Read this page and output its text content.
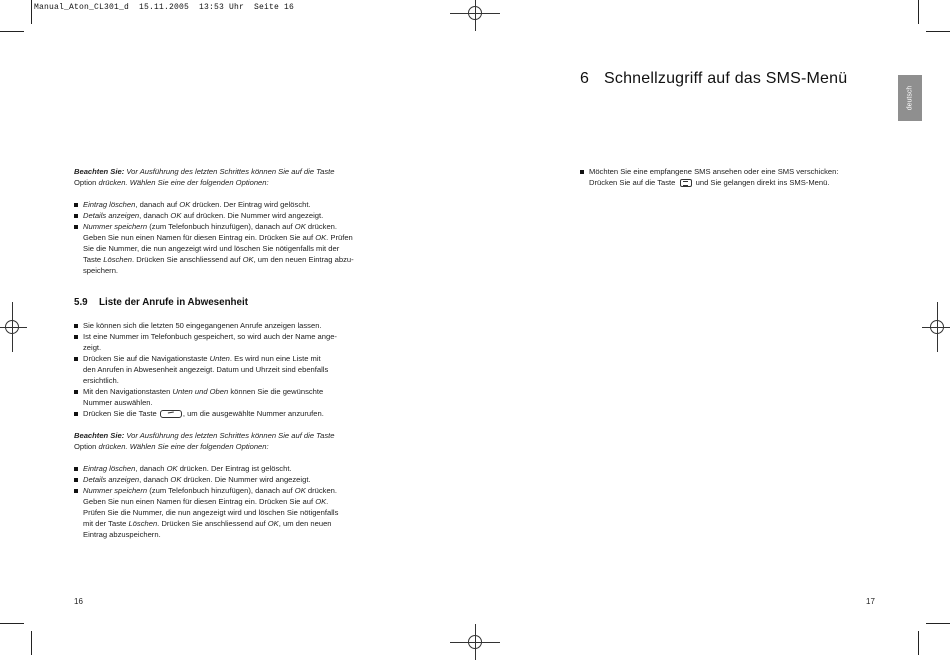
Manual_Aton_CL301_d  15.11.2005  13:53 Uhr  Seite 16
6 Schnellzugriff auf das SMS-Menü
deutsch
Beachten Sie: Vor Ausführung des letzten Schrittes können Sie auf die Taste
Option drücken. Wählen Sie eine der folgenden Optionen:
Eintrag löschen, danach auf OK drücken. Der Eintrag wird gelöscht.
Details anzeigen, danach OK auf drücken. Die Nummer wird angezeigt.
Nummer speichern (zum Telefonbuch hinzufügen), danach auf OK drücken.
Geben Sie nun einen Namen für diesen Eintrag ein. Drücken Sie auf OK. Prüfen
Sie die Nummer, die nun angezeigt wird und löschen Sie nötigenfalls mit der
Taste Löschen. Drücken Sie anschliessend auf OK, um den neuen Eintrag abzu-
speichern.
5.9 Liste der Anrufe in Abwesenheit
Sie können sich die letzten 50 eingegangenen Anrufe anzeigen lassen.
Ist eine Nummer im Telefonbuch gespeichert, so wird auch der Name ange-
zeigt.
Drücken Sie auf die Navigationstaste Unten. Es wird nun eine Liste mit
den Anrufen in Abwesenheit angezeigt. Datum und Uhrzeit sind ebenfalls
ersichtlich.
Mit den Navigationstasten Unten und Oben können Sie die gewünschte
Nummer auswählen.
Drücken Sie die Taste	, um die ausgewählte Nummer anzurufen.
Beachten Sie: Vor Ausführung des letzten Schrittes können Sie auf die Taste
Option drücken. Wählen Sie eine der folgenden Optionen:
Eintrag löschen, danach OK drücken. Der Eintrag ist gelöscht.
Details anzeigen, danach OK drücken. Die Nummer wird angezeigt.
Nummer speichern (zum Telefonbuch hinzufügen), danach auf OK drücken.
Geben Sie nun einen Namen für diesen Eintrag ein. Drücken Sie auf OK.
Prüfen Sie die Nummer, die nun angezeigt wird und löschen Sie nötigenfalls
mit der Taste Löschen. Drücken Sie anschliessend auf OK, um den neuen
Eintrag abzuspeichern.
Möchten Sie eine empfangene SMS ansehen oder eine SMS verschicken:
Drücken Sie auf die Taste  und Sie gelangen direkt ins SMS-Menü.
16	17
